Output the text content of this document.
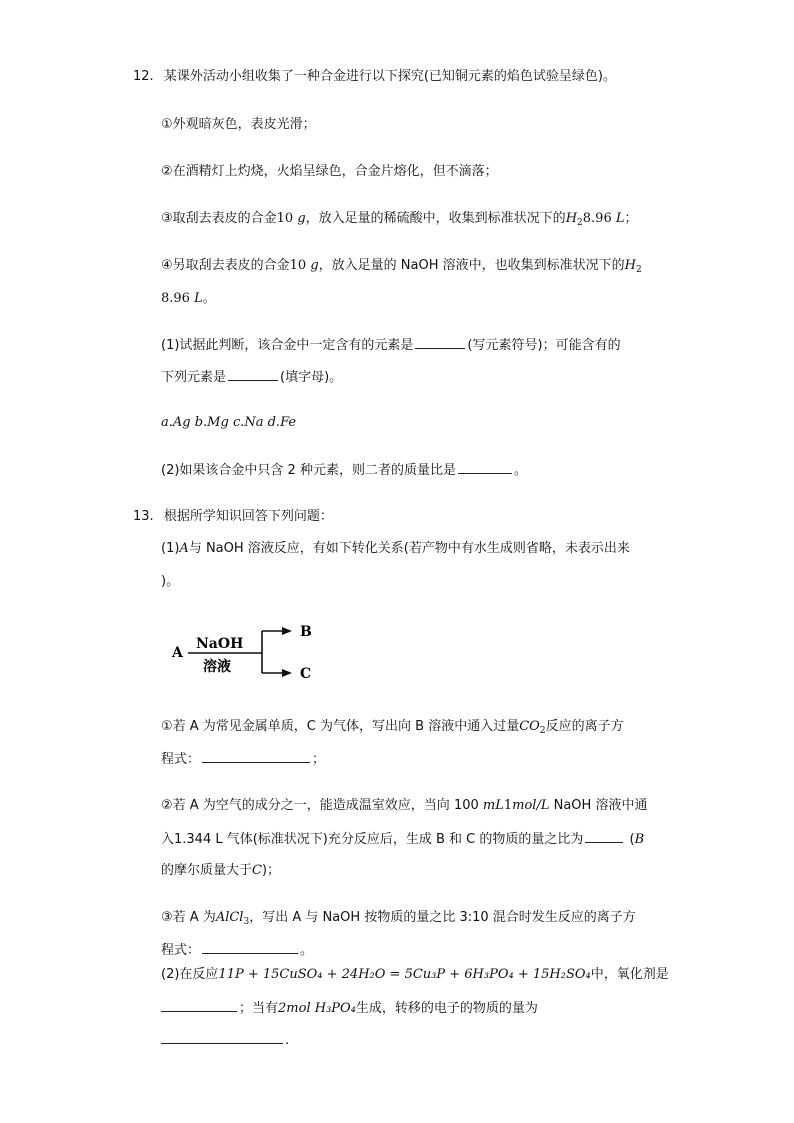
12. 某课外活动小组收集了一种合金进行以下探究(已知铜元素的焰色试验呈绿色)。
①外观暗灰色，表皮光滑；
②在酒精灯上灼烧，火焰呈绿色，合金片熔化，但不滴落；
③取刮去表皮的合金10 g，放入足量的稀硫酸中，收集到标准状况下的$H_28.96$ L；
④另取刮去表皮的合金10 g，放入足量的 NaOH 溶液中，也收集到标准状况下的$H_2$
8.96 L。
(1)试据此判断，该合金中一定含有的元素是	(写元素符号)；可能含有的
下列元素是	(填字母)。
a.Ag b.Mg c.Na d.Fe
(2)如果该合金中只含 2 种元素，则二者的质量比是	。
13. 根据所学知识回答下列问题：
(1)A与 NaOH 溶液反应，有如下转化关系(若产物中有水生成则省略，未表示出来
)。
A
NaOH
溶液
B
C
①若 A 为常见金属单质，C 为气体，写出向 B 溶液中通入过量$CO_2$反应的离子方
程式：	；
②若 A 为空气的成分之一，能造成温室效应，当向 100 mL1mol/L NaOH 溶液中通
入1.344 L 气体(标准状况下)充分反应后，生成 B 和 C 的物质的量之比为	(B
的摩尔质量大于C)；
③若 A 为AlCl$_3$，写出 A 与 NaOH 按物质的量之比 3:10 混合时发生反应的离子方
程式：	。
(2)在反应11P + 15CuSO₄ + 24H₂O = 5Cu₃P + 6H₃PO₄ + 15H₂SO₄中，氧化剂是
；当有2mol H₃PO₄生成，转移的电子的物质的量为
.
